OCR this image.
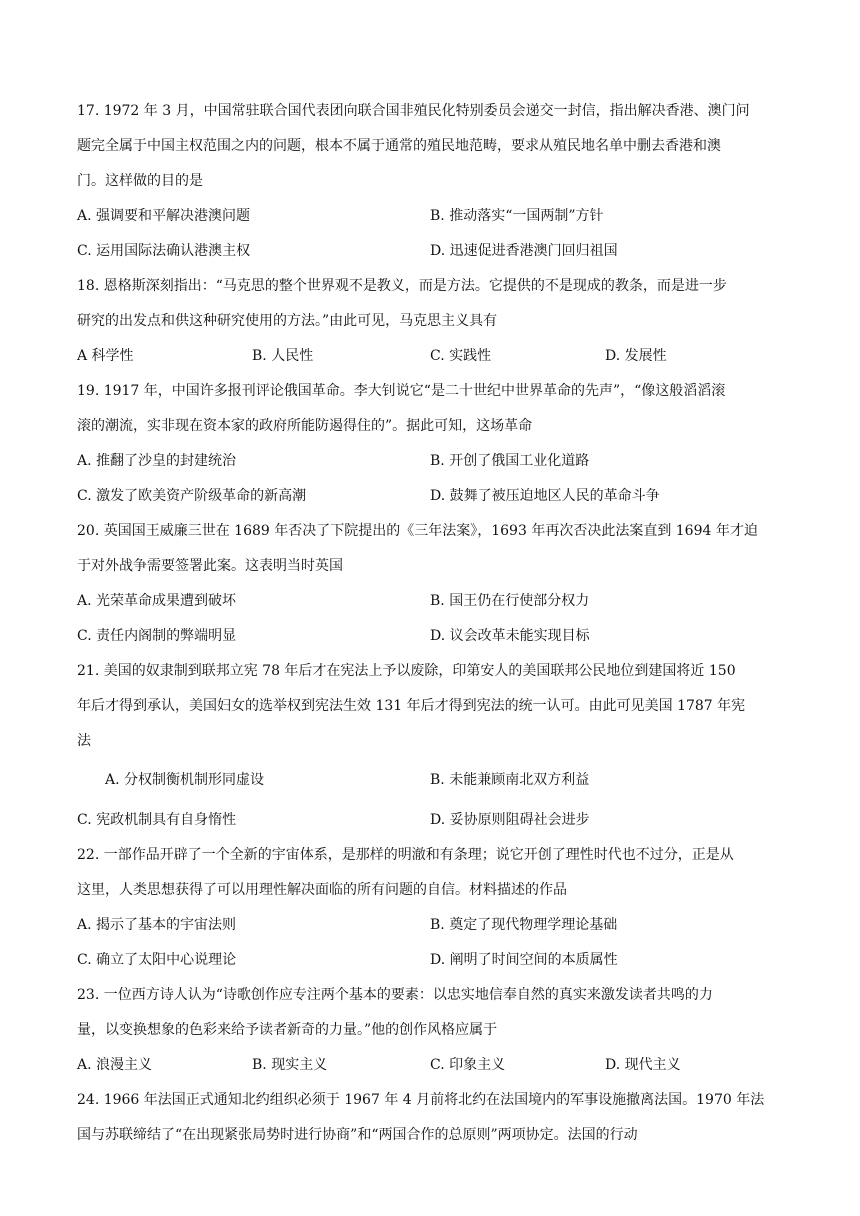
17. 1972 年 3 月，中国常驻联合国代表团向联合国非殖民化特别委员会递交一封信，指出解决香港、澳门问
题完全属于中国主权范围之内的问题，根本不属于通常的殖民地范畴，要求从殖民地名单中删去香港和澳
门。这样做的目的是
A. 强调要和平解决港澳问题	B. 推动落实“一国两制”方针
C. 运用国际法确认港澳主权	D. 迅速促进香港澳门回归祖国
18. 恩格斯深刻指出：“马克思的整个世界观不是教义，而是方法。它提供的不是现成的教条，而是进一步
研究的出发点和供这种研究使用的方法。”由此可见，马克思主义具有
A 科学性	B. 人民性	C. 实践性	D. 发展性
19. 1917 年，中国许多报刊评论俄国革命。李大钊说它“是二十世纪中世界革命的先声”，“像这般滔滔滚
滚的潮流，实非现在资本家的政府所能防遏得住的”。据此可知，这场革命
A. 推翻了沙皇的封建统治	B. 开创了俄国工业化道路
C. 激发了欧美资产阶级革命的新高潮	D. 鼓舞了被压迫地区人民的革命斗争
20. 英国国王威廉三世在 1689 年否决了下院提出的《三年法案》，1693 年再次否决此法案直到 1694 年才迫
于对外战争需要签署此案。这表明当时英国
A. 光荣革命成果遭到破坏	B. 国王仍在行使部分权力
C. 责任内阁制的弊端明显	D. 议会改革未能实现目标
21. 美国的奴隶制到联邦立宪 78 年后才在宪法上予以废除，印第安人的美国联邦公民地位到建国将近 150
年后才得到承认，美国妇女的选举权到宪法生效 131 年后才得到宪法的统一认可。由此可见美国 1787 年宪
法
A. 分权制衡机制形同虚设	B. 未能兼顾南北双方利益
C. 宪政机制具有自身惰性	D. 妥协原则阻碍社会进步
22. 一部作品开辟了一个全新的宇宙体系，是那样的明澈和有条理；说它开创了理性时代也不过分，正是从
这里，人类思想获得了可以用理性解决面临的所有问题的自信。材料描述的作品
A. 揭示了基本的宇宙法则	B. 奠定了现代物理学理论基础
C. 确立了太阳中心说理论	D. 阐明了时间空间的本质属性
23. 一位西方诗人认为“诗歌创作应专注两个基本的要素：以忠实地信奉自然的真实来激发读者共鸣的力
量，以变换想象的色彩来给予读者新奇的力量。”他的创作风格应属于
A. 浪漫主义	B. 现实主义	C. 印象主义	D. 现代主义
24. 1966 年法国正式通知北约组织必须于 1967 年 4 月前将北约在法国境内的军事设施撤离法国。1970 年法
国与苏联缔结了“在出现紧张局势时进行协商”和“两国合作的总原则”两项协定。法国的行动
